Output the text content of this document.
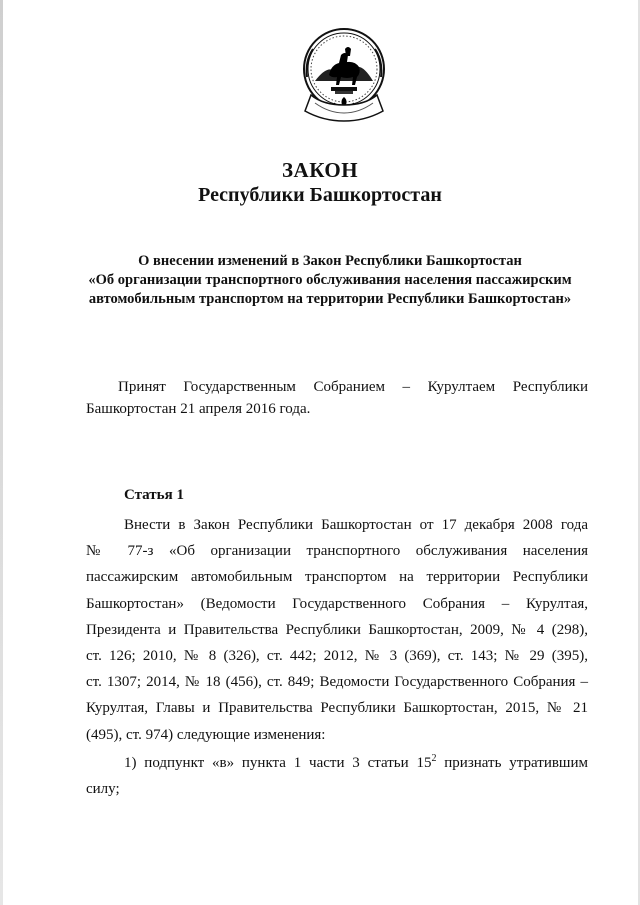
ЗАКОН
Республики Башкортостан
О внесении изменений в Закон Республики Башкортостан
«Об организации транспортного обслуживания населения пассажирским
автомобильным транспортом на территории Республики Башкортостан»
Принят Государственным Собранием – Курултаем Республики
Башкортостан 21 апреля 2016 года.
Статья 1
Внести в Закон Республики Башкортостан от 17 декабря 2008 года
№ 77-з «Об организации транспортного обслуживания населения
пассажирским автомобильным транспортом на территории Республики
Башкортостан» (Ведомости Государственного Собрания – Курултая,
Президента и Правительства Республики Башкортостан, 2009, № 4 (298),
ст. 126; 2010, № 8 (326), ст. 442; 2012, № 3 (369), ст. 143; № 29 (395),
ст. 1307; 2014, № 18 (456), ст. 849; Ведомости Государственного Собрания –
Курултая, Главы и Правительства Республики Башкортостан, 2015, № 21
(495), ст. 974) следующие изменения:
1) подпункт «в» пункта 1 части 3 статьи $15^2$ признать утратившим
силу;
